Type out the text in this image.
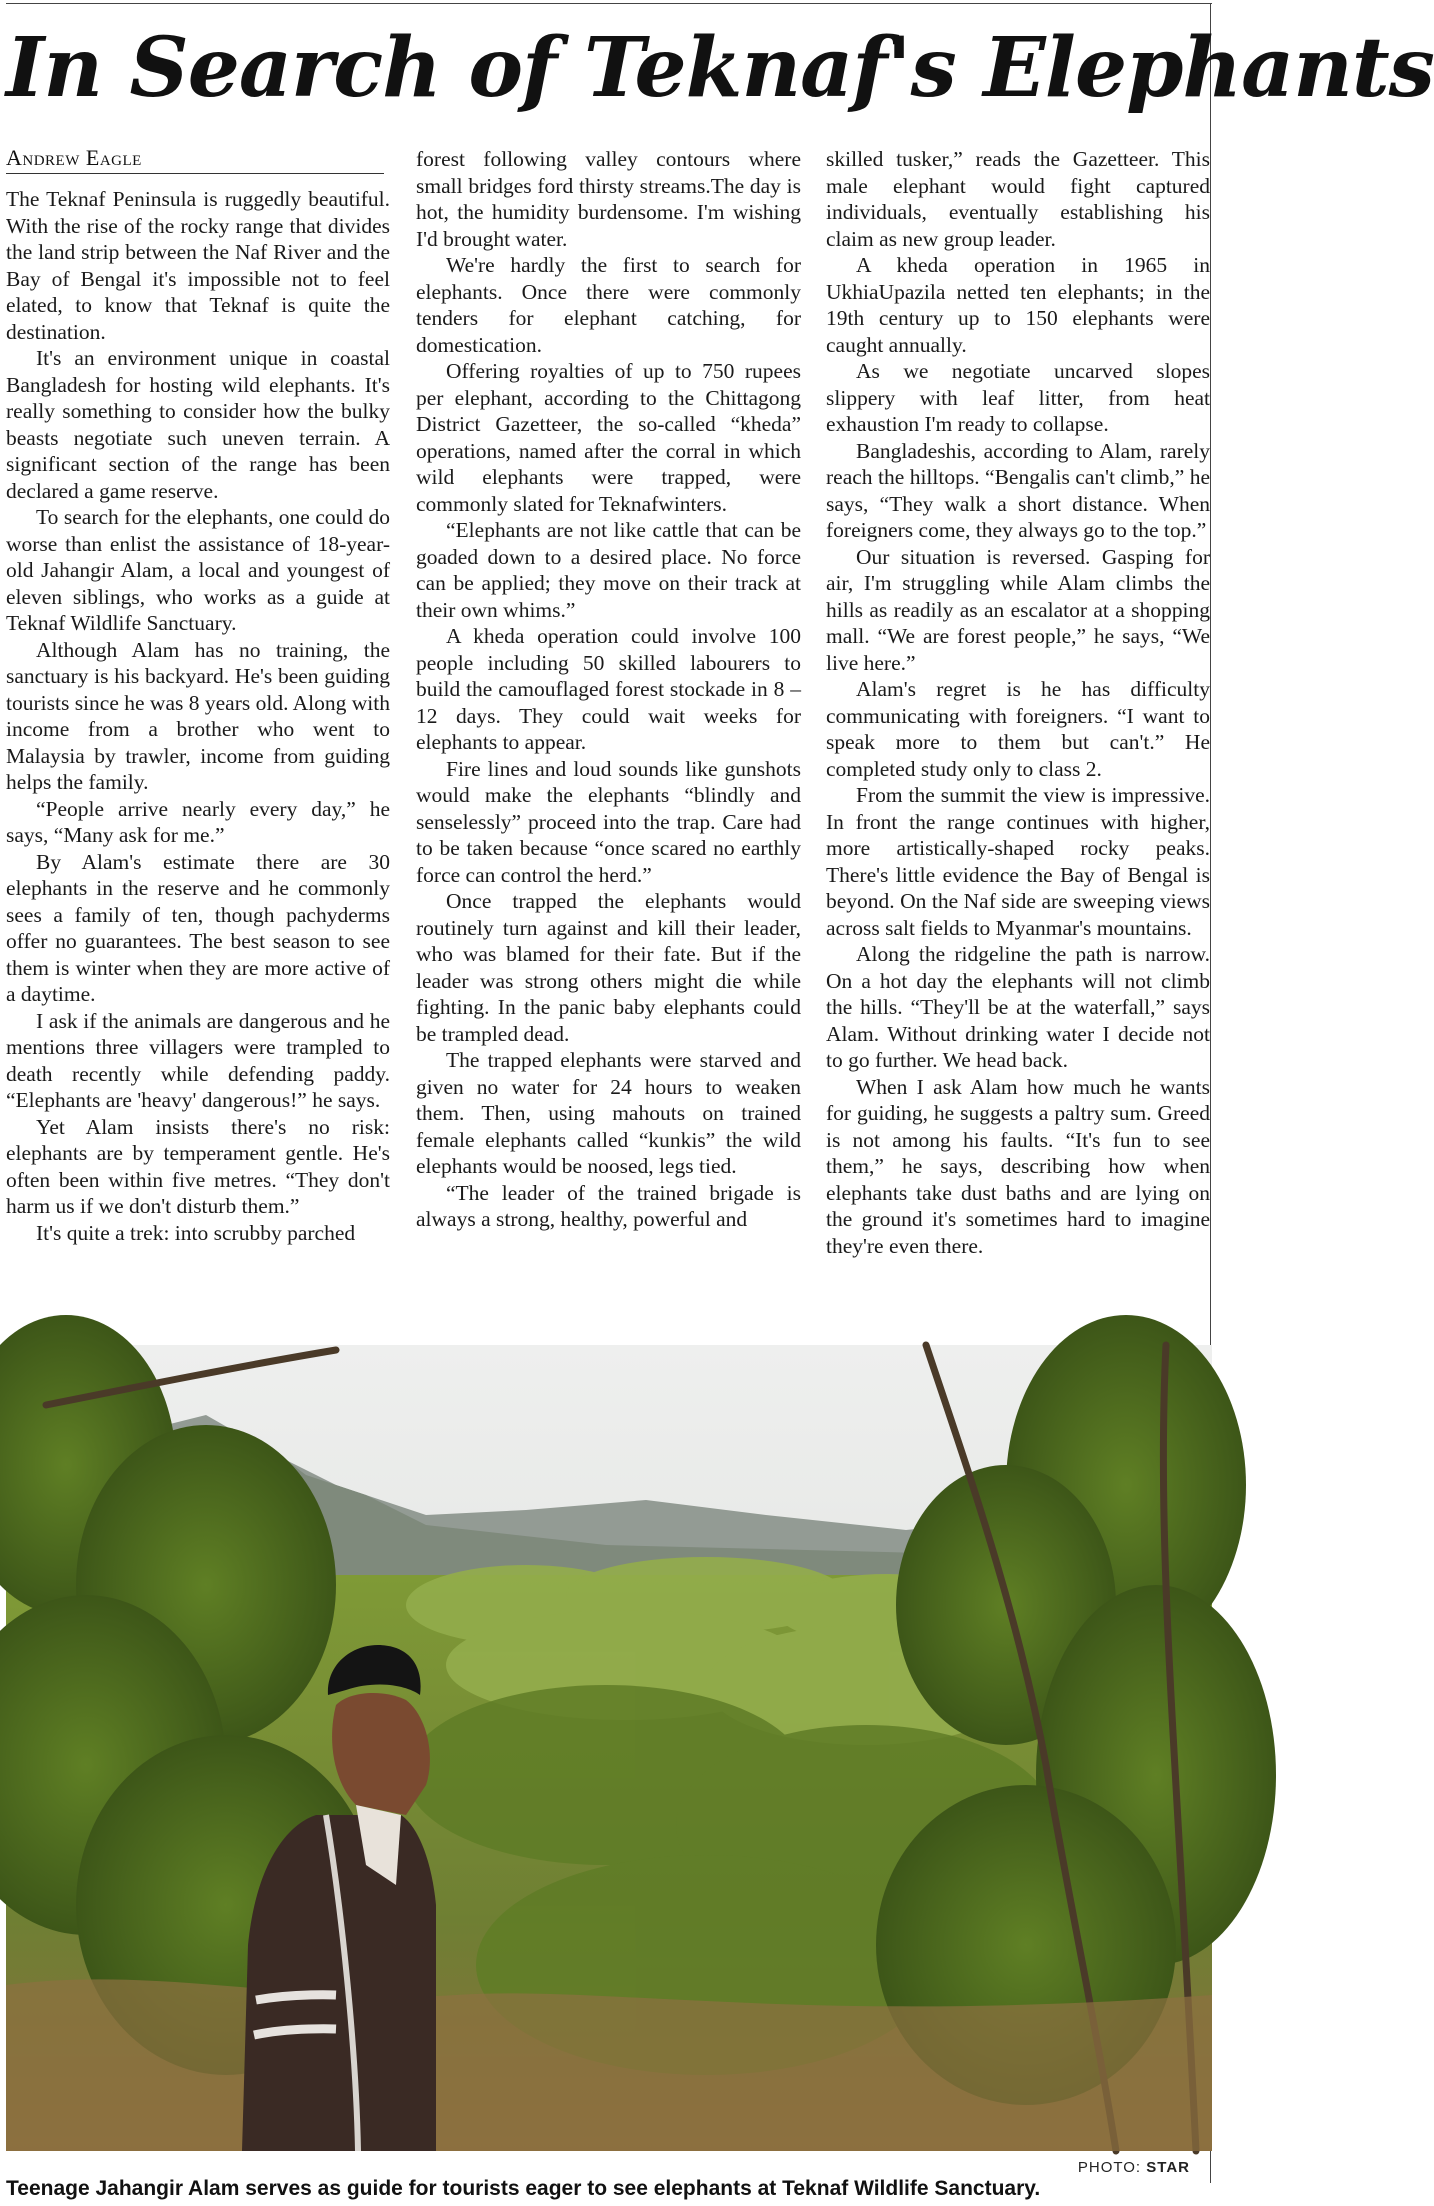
In Search of Teknaf's Elephants
Andrew Eagle

The Teknaf Peninsula is ruggedly beautiful. With the rise of the rocky range that divides the land strip between the Naf River and the Bay of Bengal it's impossible not to feel elated, to know that Teknaf is quite the destination.

It's an environment unique in coastal Bangladesh for hosting wild elephants. It's really something to consider how the bulky beasts negotiate such uneven terrain. A significant section of the range has been declared a game reserve.

To search for the elephants, one could do worse than enlist the assistance of 18-year-old Jahangir Alam, a local and youngest of eleven siblings, who works as a guide at Teknaf Wildlife Sanctuary.

Although Alam has no training, the sanctuary is his backyard. He's been guiding tourists since he was 8 years old. Along with income from a brother who went to Malaysia by trawler, income from guiding helps the family.

“People arrive nearly every day,” he says, “Many ask for me.”

By Alam's estimate there are 30 elephants in the reserve and he commonly sees a family of ten, though pachyderms offer no guarantees. The best season to see them is winter when they are more active of a daytime.

I ask if the animals are dangerous and he mentions three villagers were trampled to death recently while defending paddy. “Elephants are 'heavy' dangerous!” he says.

Yet Alam insists there's no risk: elephants are by temperament gentle. He's often been within five metres. “They don't harm us if we don't disturb them.”

It's quite a trek: into scrubby parched

forest following valley contours where small bridges ford thirsty streams.The day is hot, the humidity burdensome. I'm wishing I'd brought water.

We're hardly the first to search for elephants. Once there were commonly tenders for elephant catching, for domestication.

Offering royalties of up to 750 rupees per elephant, according to the Chittagong District Gazetteer, the so-called “kheda” operations, named after the corral in which wild elephants were trapped, were commonly slated for Teknafwinters.

“Elephants are not like cattle that can be goaded down to a desired place. No force can be applied; they move on their track at their own whims.”

A kheda operation could involve 100 people including 50 skilled labourers to build the camouflaged forest stockade in 8 – 12 days. They could wait weeks for elephants to appear.

Fire lines and loud sounds like gunshots would make the elephants “blindly and senselessly” proceed into the trap. Care had to be taken because “once scared no earthly force can control the herd.”

Once trapped the elephants would routinely turn against and kill their leader, who was blamed for their fate. But if the leader was strong others might die while fighting. In the panic baby elephants could be trampled dead.

The trapped elephants were starved and given no water for 24 hours to weaken them. Then, using mahouts on trained female elephants called “kunkis” the wild elephants would be noosed, legs tied.

“The leader of the trained brigade is always a strong, healthy, powerful and

skilled tusker,” reads the Gazetteer. This male elephant would fight captured individuals, eventually establishing his claim as new group leader.

A kheda operation in 1965 in UkhiaUpazila netted ten elephants; in the 19th century up to 150 elephants were caught annually.

As we negotiate uncarved slopes slippery with leaf litter, from heat exhaustion I'm ready to collapse.

Bangladeshis, according to Alam, rarely reach the hilltops. “Bengalis can't climb,” he says, “They walk a short distance. When foreigners come, they always go to the top.”

Our situation is reversed. Gasping for air, I'm struggling while Alam climbs the hills as readily as an escalator at a shopping mall. “We are forest people,” he says, “We live here.”

Alam's regret is he has difficulty communicating with foreigners. “I want to speak more to them but can't.” He completed study only to class 2.

From the summit the view is impressive. In front the range continues with higher, more artistically-shaped rocky peaks. There's little evidence the Bay of Bengal is beyond. On the Naf side are sweeping views across salt fields to Myanmar's mountains.

Along the ridgeline the path is narrow. On a hot day the elephants will not climb the hills. “They'll be at the waterfall,” says Alam. Without drinking water I decide not to go further. We head back.

When I ask Alam how much he wants for guiding, he suggests a paltry sum. Greed is not among his faults. “It's fun to see them,” he says, describing how when elephants take dust baths and are lying on the ground it's sometimes hard to imagine they're even there.

PHOTO: STAR
Teenage Jahangir Alam serves as guide for tourists eager to see elephants at Teknaf Wildlife Sanctuary.
